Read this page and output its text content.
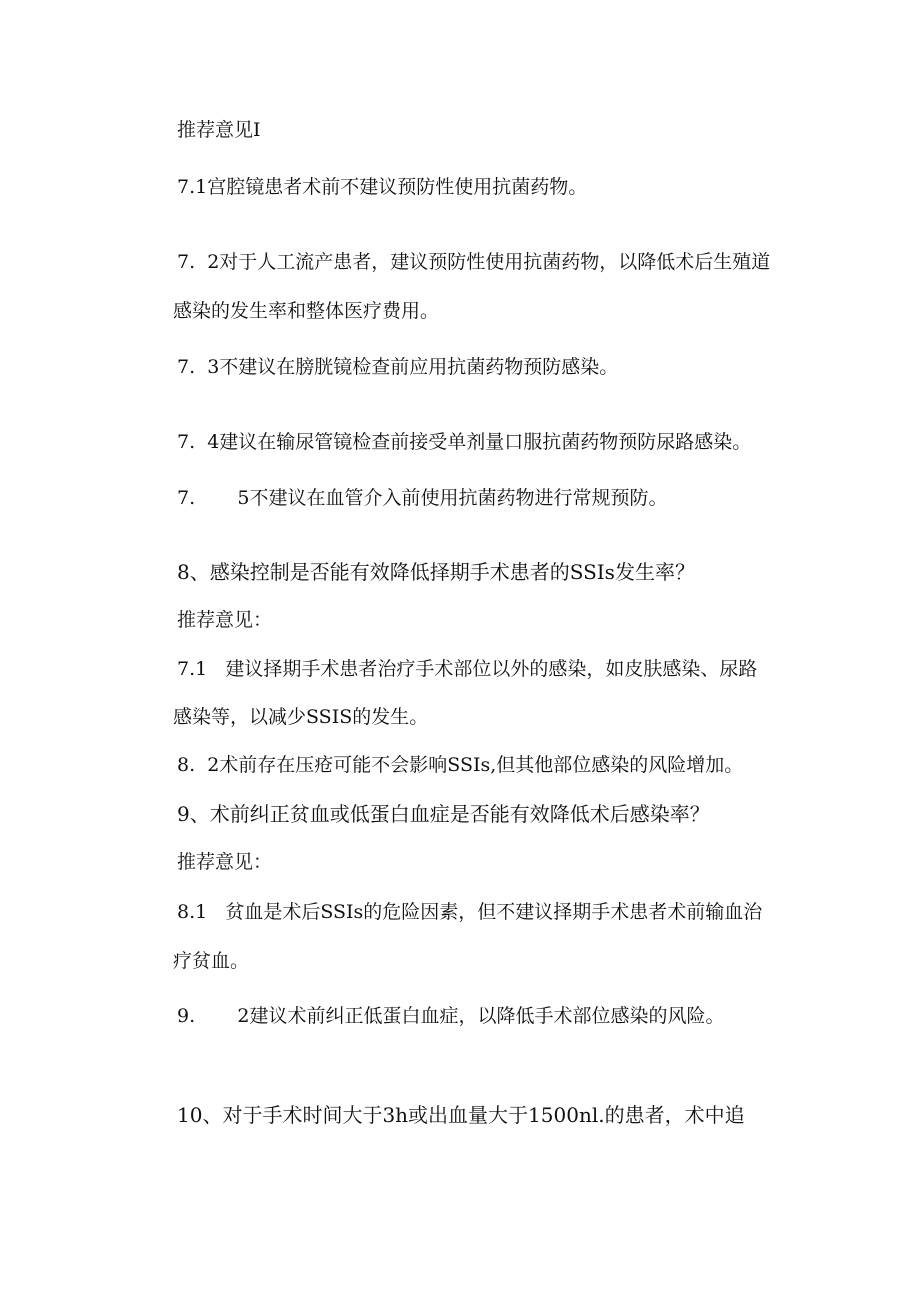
推荐意见I
7.1宫腔镜患者术前不建议预防性使用抗菌药物。
7.  2对于人工流产患者，建议预防性使用抗菌药物，以降低术后生殖道
感染的发生率和整体医疗费用。
7.  3不建议在膀胱镜检查前应用抗菌药物预防感染。
7.  4建议在输尿管镜检查前接受单剂量口服抗菌药物预防尿路感染。
7.       5不建议在血管介入前使用抗菌药物进行常规预防。
8、感染控制是否能有效降低择期手术患者的SSIs发生率？
推荐意见：
7.1   建议择期手术患者治疗手术部位以外的感染，如皮肤感染、尿路
感染等，以减少SSIS的发生。
8.  2术前存在压疮可能不会影响SSIs,但其他部位感染的风险增加。
9、术前纠正贫血或低蛋白血症是否能有效降低术后感染率？
推荐意见：
8.1   贫血是术后SSIs的危险因素，但不建议择期手术患者术前输血治
疗贫血。
9.       2建议术前纠正低蛋白血症，以降低手术部位感染的风险。
10、对于手术时间大于3h或出血量大于1500nl.的患者，术中追
